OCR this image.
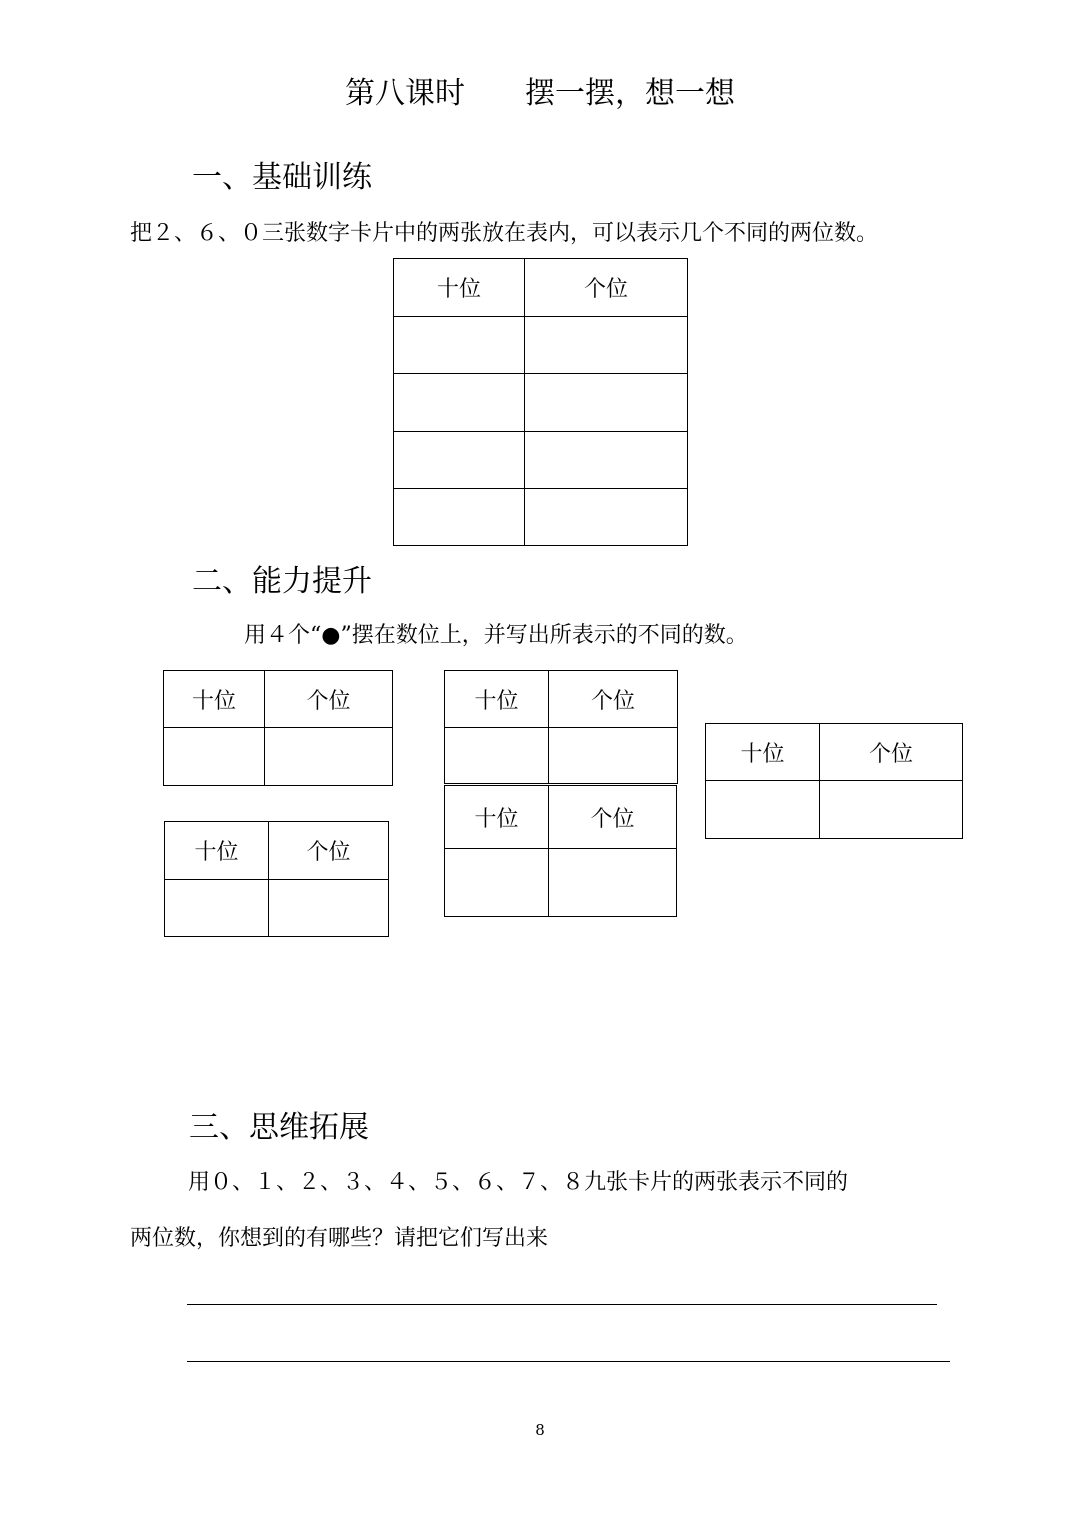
第八课时 摆一摆，想一想
一、基础训练
把２、６、０三张数字卡片中的两张放在表内，可以表示几个不同的两位数。
十位	个位

二、能力提升
用４个“●”摆在数位上，并写出所表示的不同的数。
十位	个位

十位	个位

十位	个位

十位	个位

十位	个位

三、思维拓展
用０、１、２、３、４、５、６、７、８九张卡片的两张表示不同的
两位数，你想到的有哪些？请把它们写出来
8
